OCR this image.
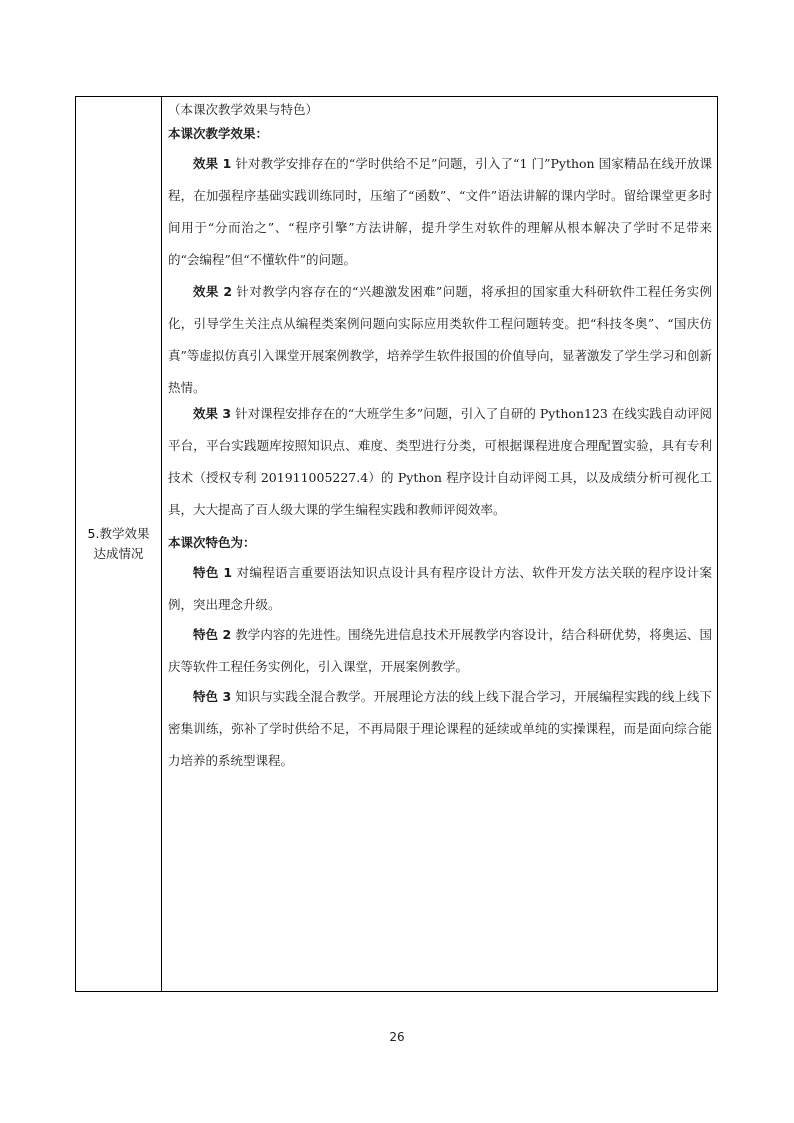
5.教学效果
达成情况
（本课次教学效果与特色）
本课次教学效果：
效果 1 针对教学安排存在的“学时供给不足”问题，引入了“1 门”Python 国家精品在线开放课程，在加强程序基础实践训练同时，压缩了“函数”、“文件”语法讲解的课内学时。留给课堂更多时间用于“分而治之”、“程序引擎”方法讲解，提升学生对软件的理解从根本解决了学时不足带来的“会编程”但“不懂软件”的问题。
效果 2 针对教学内容存在的“兴趣激发困难”问题，将承担的国家重大科研软件工程任务实例化，引导学生关注点从编程类案例问题向实际应用类软件工程问题转变。把“科技冬奥”、“国庆仿真”等虚拟仿真引入课堂开展案例教学，培养学生软件报国的价值导向，显著激发了学生学习和创新热情。
效果 3 针对课程安排存在的“大班学生多”问题，引入了自研的 Python123 在线实践自动评阅平台，平台实践题库按照知识点、难度、类型进行分类，可根据课程进度合理配置实验，具有专利技术（授权专利 201911005227.4）的 Python 程序设计自动评阅工具，以及成绩分析可视化工具，大大提高了百人级大课的学生编程实践和教师评阅效率。
本课次特色为：
特色 1 对编程语言重要语法知识点设计具有程序设计方法、软件开发方法关联的程序设计案例，突出理念升级。
特色 2 教学内容的先进性。围绕先进信息技术开展教学内容设计，结合科研优势，将奥运、国庆等软件工程任务实例化，引入课堂，开展案例教学。
特色 3 知识与实践全混合教学。开展理论方法的线上线下混合学习，开展编程实践的线上线下密集训练，弥补了学时供给不足，不再局限于理论课程的延续或单纯的实操课程，而是面向综合能力培养的系统型课程。
26
